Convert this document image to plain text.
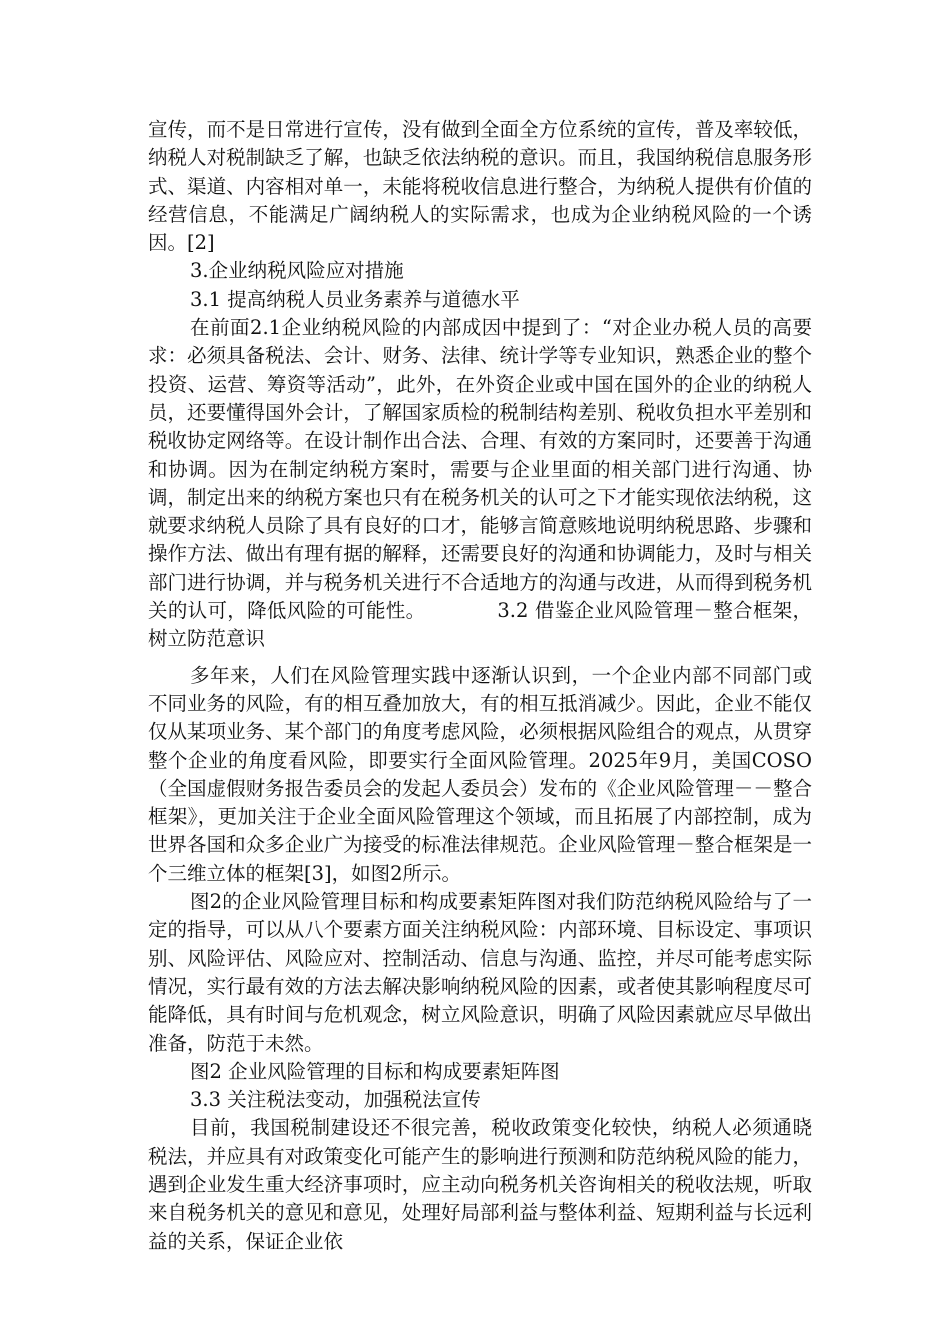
宣传，而不是日常进行宣传，没有做到全面全方位系统的宣传，普及率较低，纳税人对税制缺乏了解，也缺乏依法纳税的意识。而且，我国纳税信息服务形式、渠道、内容相对单一，未能将税收信息进行整合，为纳税人提供有价值的经营信息，不能满足广阔纳税人的实际需求，也成为企业纳税风险的一个诱因。[2]

3.企业纳税风险应对措施

3.1 提高纳税人员业务素养与道德水平

在前面2.1企业纳税风险的内部成因中提到了：“对企业办税人员的高要求：必须具备税法、会计、财务、法律、统计学等专业知识，熟悉企业的整个投资、运营、筹资等活动”，此外，在外资企业或中国在国外的企业的纳税人员，还要懂得国外会计，了解国家质检的税制结构差别、税收负担水平差别和税收协定网络等。在设计制作出合法、合理、有效的方案同时，还要善于沟通和协调。因为在制定纳税方案时，需要与企业里面的相关部门进行沟通、协调，制定出来的纳税方案也只有在税务机关的认可之下才能实现依法纳税，这就要求纳税人员除了具有良好的口才，能够言简意赅地说明纳税思路、步骤和操作方法、做出有理有据的解释，还需要良好的沟通和协调能力，及时与相关部门进行协调，并与税务机关进行不合适地方的沟通与改进，从而得到税务机关的认可，降低风险的可能性。	3.2 借鉴企业风险管理－整合框架，树立防范意识

多年来，人们在风险管理实践中逐渐认识到，一个企业内部不同部门或不同业务的风险，有的相互叠加放大，有的相互抵消减少。因此，企业不能仅仅从某项业务、某个部门的角度考虑风险，必须根据风险组合的观点，从贯穿整个企业的角度看风险，即要实行全面风险管理。2025年9月，美国COSO（全国虚假财务报告委员会的发起人委员会）发布的《企业风险管理－－整合框架》，更加关注于企业全面风险管理这个领域，而且拓展了内部控制，成为世界各国和众多企业广为接受的标准法律规范。企业风险管理－整合框架是一个三维立体的框架[3]，如图2所示。

图2的企业风险管理目标和构成要素矩阵图对我们防范纳税风险给与了一定的指导，可以从八个要素方面关注纳税风险：内部环境、目标设定、事项识别、风险评估、风险应对、控制活动、信息与沟通、监控，并尽可能考虑实际情况，实行最有效的方法去解决影响纳税风险的因素，或者使其影响程度尽可能降低，具有时间与危机观念，树立风险意识，明确了风险因素就应尽早做出准备，防范于未然。

图2 企业风险管理的目标和构成要素矩阵图

3.3 关注税法变动，加强税法宣传

目前，我国税制建设还不很完善，税收政策变化较快，纳税人必须通晓税法，并应具有对政策变化可能产生的影响进行预测和防范纳税风险的能力，遇到企业发生重大经济事项时，应主动向税务机关咨询相关的税收法规，听取来自税务机关的意见和意见，处理好局部利益与整体利益、短期利益与长远利益的关系，保证企业依
